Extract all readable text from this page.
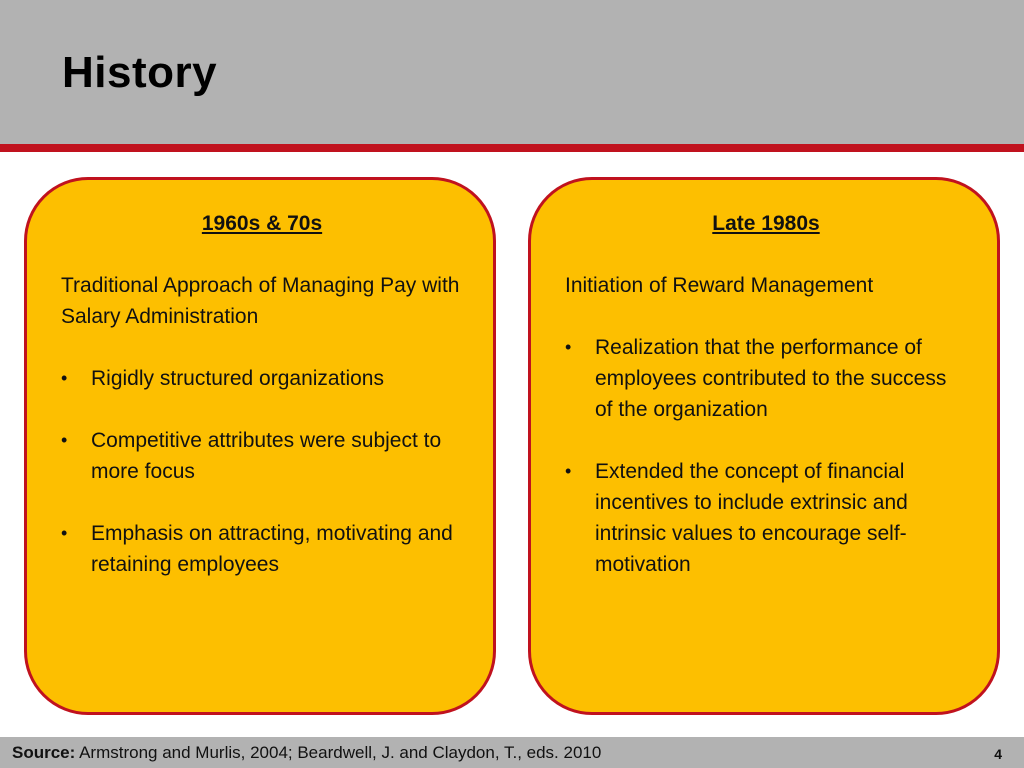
History
1960s & 70s
Traditional Approach of Managing Pay with Salary Administration
• Rigidly structured organizations
• Competitive attributes were subject to more focus
• Emphasis on attracting, motivating and retaining employees
Late 1980s
Initiation of Reward Management
• Realization that the performance of employees contributed to the success of the organization
• Extended the concept of financial incentives to include extrinsic and intrinsic values to encourage self-motivation
Source: Armstrong and Murlis, 2004; Beardwell, J. and Claydon, T., eds. 2010	4
